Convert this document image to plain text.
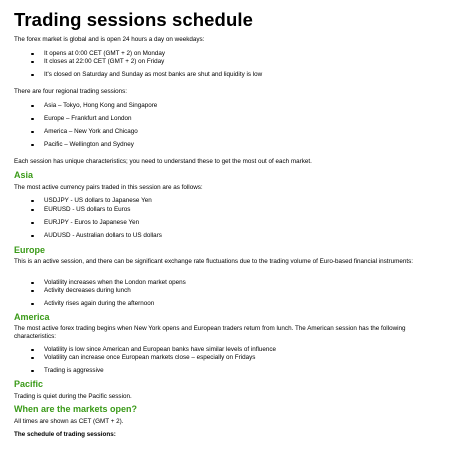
Trading sessions schedule
The forex market is global and is open 24 hours a day on weekdays:
It opens at 0:00 CET (GMT + 2) on Monday
It closes at 22:00 CET (GMT + 2) on Friday
It's closed on Saturday and Sunday as most banks are shut and liquidity is low
There are four regional trading sessions:
Asia – Tokyo, Hong Kong and Singapore
Europe – Frankfurt and London
America – New York and Chicago
Pacific – Wellington and Sydney
Each session has unique characteristics; you need to understand these to get the most out of each market.
Asia
The most active currency pairs traded in this session are as follows:
USDJPY - US dollars to Japanese Yen
EURUSD - US dollars to Euros
EURJPY - Euros to Japanese Yen
AUDUSD - Australian dollars to US dollars
Europe
This is an active session, and there can be significant exchange rate fluctuations due to the trading volume of Euro-based financial instruments:
Volatility increases when the London market opens
Activity decreases during lunch
Activity rises again during the afternoon
America
The most active forex trading begins when New York opens and European traders return from lunch. The American session has the following characteristics:
Volatility is low since American and European banks have similar levels of influence
Volatility can increase once European markets close – especially on Fridays
Trading is aggressive
Pacific
Trading is quiet during the Pacific session.
When are the markets open?
All times are shown as CET (GMT + 2).
The schedule of trading sessions:
